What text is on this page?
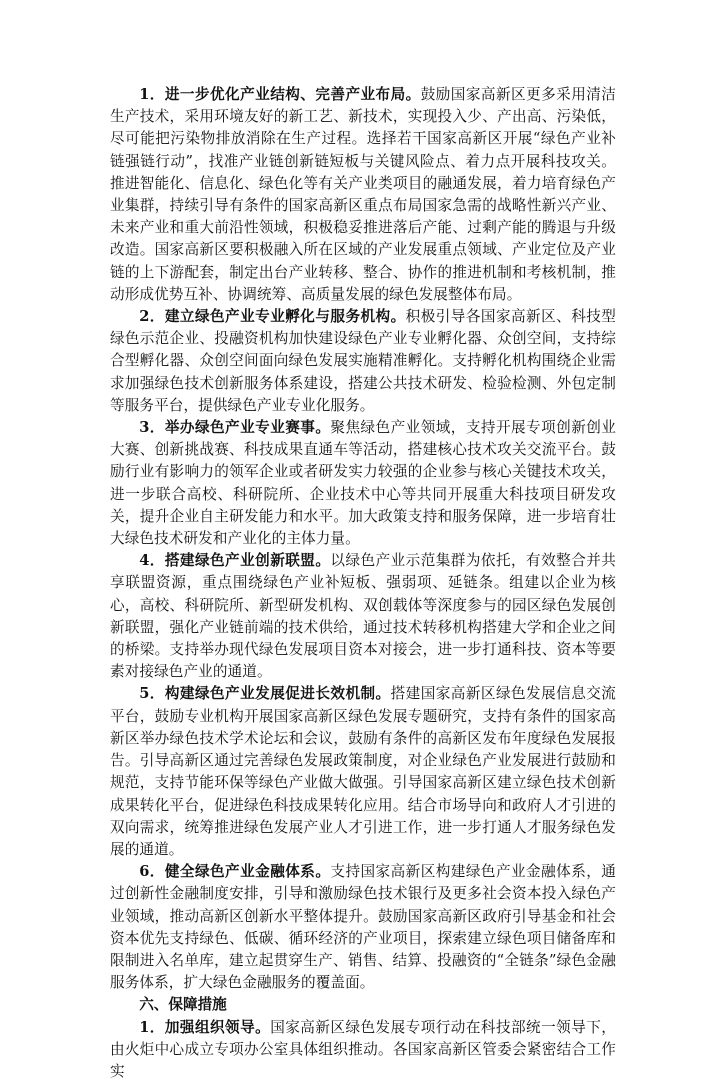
1．进一步优化产业结构、完善产业布局。鼓励国家高新区更多采用清洁生产技术，采用环境友好的新工艺、新技术，实现投入少、产出高、污染低，尽可能把污染物排放消除在生产过程。选择若干国家高新区开展“绿色产业补链强链行动”，找准产业链创新链短板与关键风险点、着力点开展科技攻关。推进智能化、信息化、绿色化等有关产业类项目的融通发展，着力培育绿色产业集群，持续引导有条件的国家高新区重点布局国家急需的战略性新兴产业、未来产业和重大前沿性领域，积极稳妥推进落后产能、过剩产能的腾退与升级改造。国家高新区要积极融入所在区域的产业发展重点领域、产业定位及产业链的上下游配套，制定出台产业转移、整合、协作的推进机制和考核机制，推动形成优势互补、协调统筹、高质量发展的绿色发展整体布局。

2．建立绿色产业专业孵化与服务机构。积极引导各国家高新区、科技型绿色示范企业、投融资机构加快建设绿色产业专业孵化器、众创空间，支持综合型孵化器、众创空间面向绿色发展实施精准孵化。支持孵化机构围绕企业需求加强绿色技术创新服务体系建设，搭建公共技术研发、检验检测、外包定制等服务平台，提供绿色产业专业化服务。

3．举办绿色产业专业赛事。聚焦绿色产业领域，支持开展专项创新创业大赛、创新挑战赛、科技成果直通车等活动，搭建核心技术攻关交流平台。鼓励行业有影响力的领军企业或者研发实力较强的企业参与核心关键技术攻关，进一步联合高校、科研院所、企业技术中心等共同开展重大科技项目研发攻关，提升企业自主研发能力和水平。加大政策支持和服务保障，进一步培育壮大绿色技术研发和产业化的主体力量。

4．搭建绿色产业创新联盟。以绿色产业示范集群为依托，有效整合并共享联盟资源，重点围绕绿色产业补短板、强弱项、延链条。组建以企业为核心，高校、科研院所、新型研发机构、双创载体等深度参与的园区绿色发展创新联盟，强化产业链前端的技术供给，通过技术转移机构搭建大学和企业之间的桥梁。支持举办现代绿色发展项目资本对接会，进一步打通科技、资本等要素对接绿色产业的通道。

5．构建绿色产业发展促进长效机制。搭建国家高新区绿色发展信息交流平台，鼓励专业机构开展国家高新区绿色发展专题研究，支持有条件的国家高新区举办绿色技术学术论坛和会议，鼓励有条件的高新区发布年度绿色发展报告。引导高新区通过完善绿色发展政策制度，对企业绿色产业发展进行鼓励和规范，支持节能环保等绿色产业做大做强。引导国家高新区建立绿色技术创新成果转化平台，促进绿色科技成果转化应用。结合市场导向和政府人才引进的双向需求，统筹推进绿色发展产业人才引进工作，进一步打通人才服务绿色发展的通道。

6．健全绿色产业金融体系。支持国家高新区构建绿色产业金融体系，通过创新性金融制度安排，引导和激励绿色技术银行及更多社会资本投入绿色产业领域，推动高新区创新水平整体提升。鼓励国家高新区政府引导基金和社会资本优先支持绿色、低碳、循环经济的产业项目，探索建立绿色项目储备库和限制进入名单库，建立起贯穿生产、销售、结算、投融资的“全链条”绿色金融服务体系，扩大绿色金融服务的覆盖面。

六、保障措施

1．加强组织领导。国家高新区绿色发展专项行动在科技部统一领导下，由火炬中心成立专项办公室具体组织推动。各国家高新区管委会紧密结合工作实
